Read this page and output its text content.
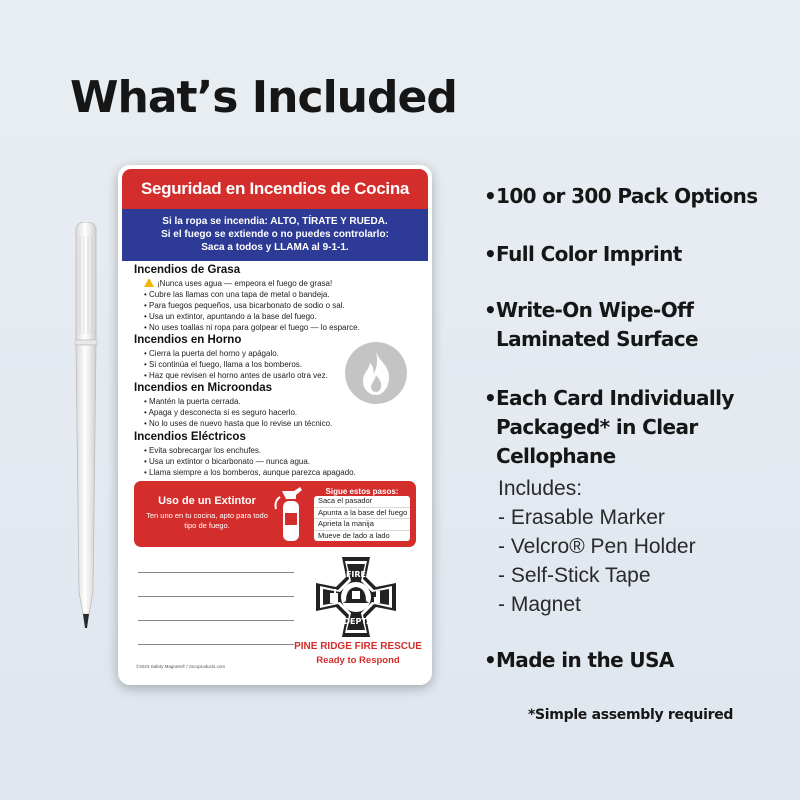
What’s Included
Seguridad en Incendios de Cocina
Si la ropa se incendia: ALTO, TÍRATE Y RUEDA.
Si el fuego se extiende o no puedes controlarlo:
Saca a todos y LLAMA al 9-1-1.
Incendios de Grasa
¡Nunca uses agua — empeora el fuego de grasa!
• Cubre las llamas con una tapa de metal o bandeja.
• Para fuegos pequeños, usa bicarbonato de sodio o sal.
• Usa un extintor, apuntando a la base del fuego.
• No uses toallas ni ropa para golpear el fuego — lo esparce.
Incendios en Horno
• Cierra la puerta del horno y apágalo.
• Si continúa el fuego, llama a los bomberos.
• Haz que revisen el horno antes de usarlo otra vez.
Incendios en Microondas
• Mantén la puerta cerrada.
• Apaga y desconecta si es seguro hacerlo.
• No lo uses de nuevo hasta que lo revise un técnico.
Incendios Eléctricos
• Evita sobrecargar los enchufes.
• Usa un extintor o bicarbonato — nunca agua.
• Llama siempre a los bomberos, aunque parezca apagado.
Uso de un Extintor
Ten uno en tu cocina, apto para todo tipo de fuego.
Sigue estos pasos:
Saca el pasador
Apunta a la base del fuego
Aprieta la manija
Mueve de lado a lado
FIRE
DEPT.
PINE RIDGE FIRE RESCUE
Ready to Respond
©2023 Safety Magnets® / zscoproducts.com
•100 or 300 Pack Options
•Full Color Imprint
•Write-On Wipe-Off
Laminated Surface
•Each Card Individually
Packaged* in Clear
Cellophane
Includes:
- Erasable Marker
- Velcro® Pen Holder
- Self-Stick Tape
- Magnet
•Made in the USA
*Simple assembly required
